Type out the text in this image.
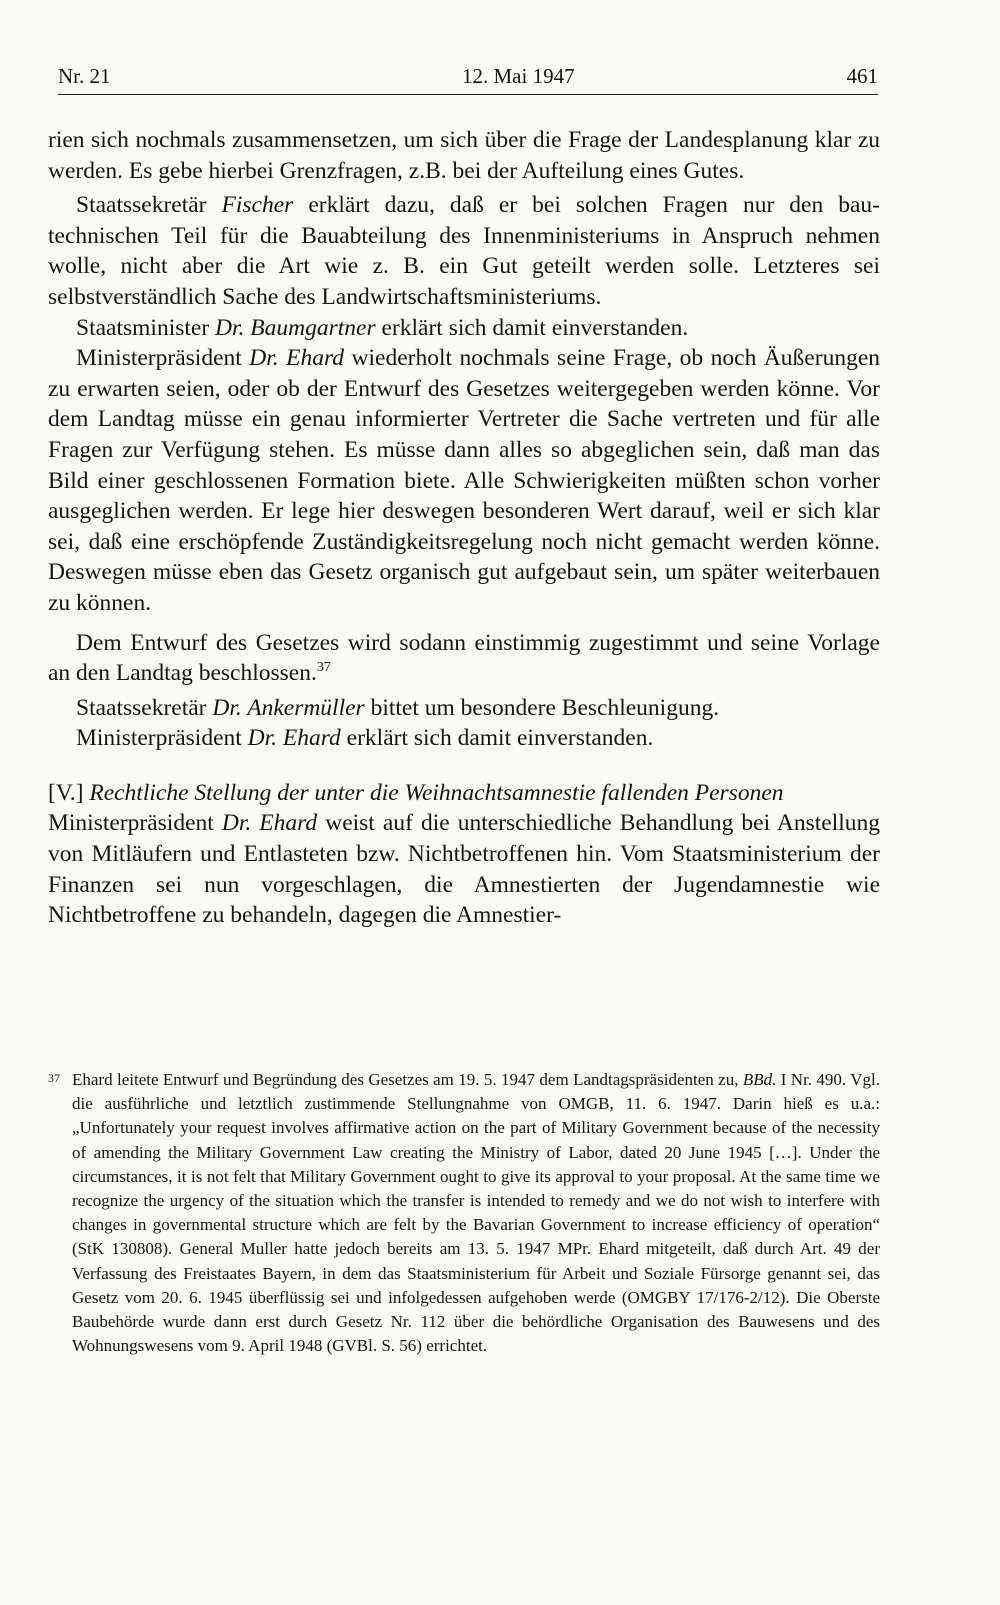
Nr. 21	12. Mai 1947	461

rien sich nochmals zusammensetzen, um sich über die Frage der Landesplanung klar zu werden. Es gebe hierbei Grenzfragen, z.B. bei der Aufteilung eines Gutes.

Staatssekretär Fischer erklärt dazu, daß er bei solchen Fragen nur den bautechnischen Teil für die Bauabteilung des Innenministeriums in Anspruch nehmen wolle, nicht aber die Art wie z. B. ein Gut geteilt werden solle. Letzteres sei selbstverständlich Sache des Landwirtschaftsministeriums.

Staatsminister Dr. Baumgartner erklärt sich damit einverstanden.

Ministerpräsident Dr. Ehard wiederholt nochmals seine Frage, ob noch Äußerungen zu erwarten seien, oder ob der Entwurf des Gesetzes weitergegeben werden könne. Vor dem Landtag müsse ein genau informierter Vertreter die Sache vertreten und für alle Fragen zur Verfügung stehen. Es müsse dann alles so abgeglichen sein, daß man das Bild einer geschlossenen Formation biete. Alle Schwierigkeiten müßten schon vorher ausgeglichen werden. Er lege hier deswegen besonderen Wert darauf, weil er sich klar sei, daß eine erschöpfende Zuständigkeitsregelung noch nicht gemacht werden könne. Deswegen müsse eben das Gesetz organisch gut aufgebaut sein, um später weiterbauen zu können.

Dem Entwurf des Gesetzes wird sodann einstimmig zugestimmt und seine Vorlage an den Landtag beschlossen.$^{37}$

Staatssekretär Dr. Ankermüller bittet um besondere Beschleunigung.

Ministerpräsident Dr. Ehard erklärt sich damit einverstanden.

[V.] Rechtliche Stellung der unter die Weihnachtsamnestie fallenden Personen

Ministerpräsident Dr. Ehard weist auf die unterschiedliche Behandlung bei Anstellung von Mitläufern und Entlasteten bzw. Nichtbetroffenen hin. Vom Staatsministerium der Finanzen sei nun vorgeschlagen, die Amnestierten der Jugendamnestie wie Nichtbetroffene zu behandeln, dagegen die Amnestier-

37 Ehard leitete Entwurf und Begründung des Gesetzes am 19. 5. 1947 dem Landtagspräsidenten zu, BBd. I Nr. 490. Vgl. die ausführliche und letztlich zustimmende Stellungnahme von OMGB, 11. 6. 1947. Darin hieß es u.a.: „Unfortunately your request involves affirmative action on the part of Military Government because of the necessity of amending the Military Government Law creating the Ministry of Labor, dated 20 June 1945 […]. Under the circumstances, it is not felt that Military Government ought to give its approval to your proposal. At the same time we recognize the urgency of the situation which the transfer is intended to remedy and we do not wish to interfere with changes in governmental structure which are felt by the Bavarian Government to increase efficiency of operation“ (StK 130808). General Muller hatte jedoch bereits am 13. 5. 1947 MPr. Ehard mitgeteilt, daß durch Art. 49 der Verfassung des Freistaates Bayern, in dem das Staatsministerium für Arbeit und Soziale Fürsorge genannt sei, das Gesetz vom 20. 6. 1945 überflüssig sei und infolgedessen aufgehoben werde (OMGBY 17/176-2/12). Die Oberste Baubehörde wurde dann erst durch Gesetz Nr. 112 über die behördliche Organisation des Bauwesens und des Wohnungswesens vom 9. April 1948 (GVBl. S. 56) errichtet.
